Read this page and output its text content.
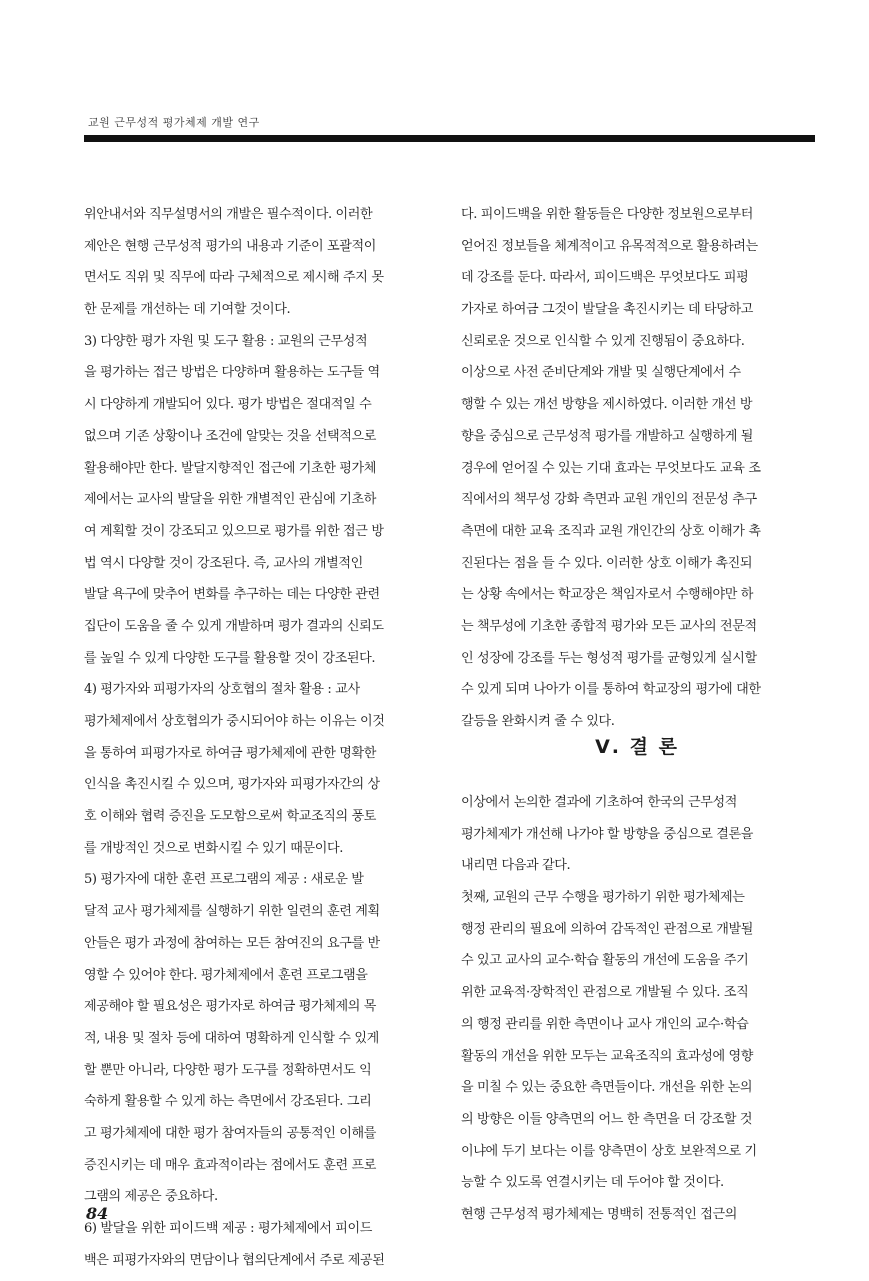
교원 근무성적 평가체제 개발 연구
위안내서와 직무설명서의 개발은 필수적이다. 이러한
제안은 현행 근무성적 평가의 내용과 기준이 포괄적이
면서도 직위 및 직무에 따라 구체적으로 제시해 주지 못
한 문제를 개선하는 데 기여할 것이다.
3) 다양한 평가 자원 및 도구 활용 : 교원의 근무성적
을 평가하는 접근 방법은 다양하며 활용하는 도구들 역
시 다양하게 개발되어 있다. 평가 방법은 절대적일 수
없으며 기존 상황이나 조건에 알맞는 것을 선택적으로
활용해야만 한다. 발달지향적인 접근에 기초한 평가체
제에서는 교사의 발달을 위한 개별적인 관심에 기초하
여 계획할 것이 강조되고 있으므로 평가를 위한 접근 방
법 역시 다양할 것이 강조된다. 즉, 교사의 개별적인
발달 욕구에 맞추어 변화를 추구하는 데는 다양한 관련
집단이 도움을 줄 수 있게 개발하며 평가 결과의 신뢰도
를 높일 수 있게 다양한 도구를 활용할 것이 강조된다.
4) 평가자와 피평가자의 상호협의 절차 활용 : 교사
평가체제에서 상호협의가 중시되어야 하는 이유는 이것
을 통하여 피평가자로 하여금 평가체제에 관한 명확한
인식을 촉진시킬 수 있으며, 평가자와 피평가자간의 상
호 이해와 협력 증진을 도모함으로써 학교조직의 풍토
를 개방적인 것으로 변화시킬 수 있기 때문이다.
5) 평가자에 대한 훈련 프로그램의 제공 : 새로운 발
달적 교사 평가체제를 실행하기 위한 일련의 훈련 계획
안들은 평가 과정에 참여하는 모든 참여진의 요구를 반
영할 수 있어야 한다. 평가체제에서 훈련 프로그램을
제공해야 할 필요성은 평가자로 하여금 평가체제의 목
적, 내용 및 절차 등에 대하여 명확하게 인식할 수 있게
할 뿐만 아니라, 다양한 평가 도구를 정확하면서도 익
숙하게 활용할 수 있게 하는 측면에서 강조된다. 그리
고 평가체제에 대한 평가 참여자들의 공통적인 이해를
증진시키는 데 매우 효과적이라는 점에서도 훈련 프로
그램의 제공은 중요하다.
6) 발달을 위한 피이드백 제공 : 평가체제에서 피이드
백은 피평가자와의 면담이나 협의단계에서 주로 제공된
다. 피이드백을 위한 활동들은 다양한 정보원으로부터
얻어진 정보들을 체계적이고 유목적적으로 활용하려는
데 강조를 둔다. 따라서, 피이드백은 무엇보다도 피평
가자로 하여금 그것이 발달을 촉진시키는 데 타당하고
신뢰로운 것으로 인식할 수 있게 진행됨이 중요하다.
이상으로 사전 준비단계와 개발 및 실행단계에서 수
행할 수 있는 개선 방향을 제시하였다. 이러한 개선 방
향을 중심으로 근무성적 평가를 개발하고 실행하게 될
경우에 얻어질 수 있는 기대 효과는 무엇보다도 교육 조
직에서의 책무성 강화 측면과 교원 개인의 전문성 추구
측면에 대한 교육 조직과 교원 개인간의 상호 이해가 촉
진된다는 점을 들 수 있다. 이러한 상호 이해가 촉진되
는 상황 속에서는 학교장은 책임자로서 수행해야만 하
는 책무성에 기초한 종합적 평가와 모든 교사의 전문적
인 성장에 강조를 두는 형성적 평가를 균형있게 실시할
수 있게 되며 나아가 이를 통하여 학교장의 평가에 대한
갈등을 완화시켜 줄 수 있다.
Ⅴ. 결 론
이상에서 논의한 결과에 기초하여 한국의 근무성적
평가체제가 개선해 나가야 할 방향을 중심으로 결론을
내리면 다음과 같다.
첫째, 교원의 근무 수행을 평가하기 위한 평가체제는
행정 관리의 필요에 의하여 감독적인 관점으로 개발될
수 있고 교사의 교수·학습 활동의 개선에 도움을 주기
위한 교육적·장학적인 관점으로 개발될 수 있다. 조직
의 행정 관리를 위한 측면이나 교사 개인의 교수·학습
활동의 개선을 위한 모두는 교육조직의 효과성에 영향
을 미칠 수 있는 중요한 측면들이다. 개선을 위한 논의
의 방향은 이들 양측면의 어느 한 측면을 더 강조할 것
이냐에 두기 보다는 이를 양측면이 상호 보완적으로 기
능할 수 있도록 연결시키는 데 두어야 할 것이다.
현행 근무성적 평가체제는 명백히 전통적인 접근의
84
